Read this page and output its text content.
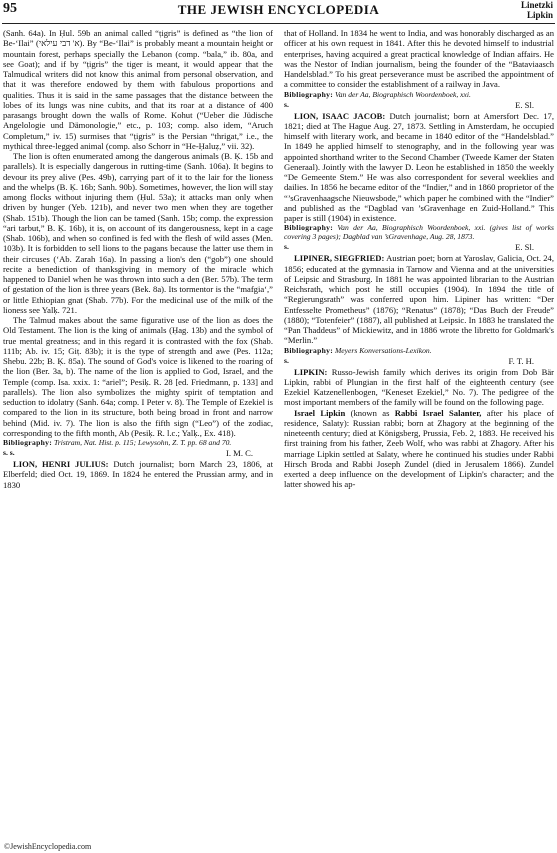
95	THE JEWISH ENCYCLOPEDIA	Linetzki
Lipkin

(Sanh. 64a). In Ḥul. 59b an animal called “ṭigris” is defined as “the lion of Be-‘Ilai” (א' דבי עילאי). By “Be-‘Ilai” is probably meant a mountain height or mountain forest, perhaps specially the Lebanon (comp. “bala,” ib. 80a, and see Goat); and if by “ṭigris” the tiger is meant, it would appear that the Talmudical writers did not know this animal from personal observation, and that it was therefore endowed by them with fabulous proportions and qualities. Thus it is said in the same passages that the distance between the lobes of its lungs was nine cubits, and that its roar at a distance of 400 parasangs brought down the walls of Rome. Kohut (“Ueber die Jüdische Angelologie und Dämonologie,” etc., p. 103; comp. also idem, “Aruch Completum,” iv. 15) surmises that “ṭigris” is the Persian “thrigat,” i.e., the mythical three-legged animal (comp. also Schorr in “He-Ḥaluẓ,” vii. 32).

The lion is often enumerated among the dangerous animals (B. Ḳ. 15b and parallels). It is especially dangerous in rutting-time (Sanh. 106a). It begins to devour its prey alive (Pes. 49b), carrying part of it to the lair for the lioness and the whelps (B. Ḳ. 16b; Sanh. 90b). Sometimes, however, the lion will stay among flocks without injuring them (Ḥul. 53a); it attacks man only when driven by hunger (Yeb. 121b), and never two men when they are together (Shab. 151b). Though the lion can be tamed (Sanh. 15b; comp. the expression “ari tarbut,” B. Ḳ. 16b), it is, on account of its dangerousness, kept in a cage (Shab. 106b), and when so confined is fed with the flesh of wild asses (Men. 103b). It is forbidden to sell lions to the pagans because the latter use them in their circuses (‘Ab. Zarah 16a). In passing a lion's den (“gob”) one should recite a benediction of thanksgiving in memory of the miracle which happened to Daniel when he was thrown into such a den (Ber. 57b). The term of gestation of the lion is three years (Bek. 8a). Its tormentor is the “mafgia‘,” or little Ethiopian gnat (Shab. 77b). For the medicinal use of the milk of the lioness see Yalḳ. 721.

The Talmud makes about the same figurative use of the lion as does the Old Testament. The lion is the king of animals (Ḥag. 13b) and the symbol of true mental greatness; and in this regard it is contrasted with the fox (Shab. 111b; Ab. iv. 15; Giṭ. 83b); it is the type of strength and awe (Pes. 112a; Shebu. 22b; B. Ḳ. 85a). The sound of God's voice is likened to the roaring of the lion (Ber. 3a, b). The name of the lion is applied to God, Israel, and the Temple (comp. Isa. xxix. 1: “ariel”; Pesiḳ. R. 28 [ed. Friedmann, p. 133] and parallels). The lion also symbolizes the mighty spirit of temptation and seduction to idolatry (Sanh. 64a; comp. I Peter v. 8). The Temple of Ezekiel is compared to the lion in its structure, both being broad in front and narrow behind (Mid. iv. 7). The lion is also the fifth sign (“Leo”) of the zodiac, corresponding to the fifth month, Ab (Pesiḳ. R. l.c.; Yalḳ., Ex. 418).

Bibliography: Tristram, Nat. Hist. p. 115; Lewysohn, Z. T. pp. 68 and 70.

s. s.	I. M. C.

LION, HENRI JULIUS: Dutch journalist; born March 23, 1806, at Elberfeld; died Oct. 19, 1869. In 1824 he entered the Prussian army, and in 1830

that of Holland. In 1834 he went to India, and was honorably discharged as an officer at his own request in 1841. After this he devoted himself to industrial enterprises, having acquired a great practical knowledge of Indian affairs. He was the Nestor of Indian journalism, being the founder of the “Bataviaasch Handelsblad.” To his great perseverance must be ascribed the appointment of a committee to consider the establishment of a railway in Java.

Bibliography: Van der Aa, Biographisch Woordenboek, xxi.

s.	E. Sl.

LION, ISAAC JACOB: Dutch journalist; born at Amersfort Dec. 17, 1821; died at The Hague Aug. 27, 1873. Settling in Amsterdam, he occupied himself with literary work, and became in 1840 editor of the “Handelsblad.” In 1849 he applied himself to stenography, and in the following year was appointed shorthand writer to the Second Chamber (Tweede Kamer der Staten Generaal). Jointly with the lawyer D. Leon he established in 1850 the weekly “De Gemeente Stem.” He was also correspondent for several weeklies and dailies. In 1856 he became editor of the “Indier,” and in 1860 proprietor of the “’sGravenhaagsche Nieuwsbode,” which paper he combined with the “Indier” and published as the “Dagblad van ’sGravenhage en Zuid-Holland.” This paper is still (1904) in existence.

Bibliography: Van der Aa, Biographisch Woordenboek, xxi. (gives list of works covering 3 pages); Dagblad van ’sGravenhage, Aug. 28, 1873.

s.	E. Sl.

LIPINER, SIEGFRIED: Austrian poet; born at Yaroslav, Galicia, Oct. 24, 1856; educated at the gymnasia in Tarnow and Vienna and at the universities of Leipsic and Strasburg. In 1881 he was appointed librarian to the Austrian Reichsrath, which post he still occupies (1904). In 1894 the title of “Regierungsrath” was conferred upon him. Lipiner has written: “Der Entfesselte Prometheus” (1876); “Renatus” (1878); “Das Buch der Freude” (1880); “Totenfeier” (1887), all published at Leipsic. In 1883 he translated the “Pan Thaddeus” of Mickiewitz, and in 1886 wrote the libretto for Goldmark's “Merlin.”

Bibliography: Meyers Konversations-Lexikon.

s.	F. T. H.

LIPKIN: Russo-Jewish family which derives its origin from Dob Bär Lipkin, rabbi of Plungian in the first half of the eighteenth century (see Ezekiel Katzenellenbogen, “Keneset Ezekiel,” No. 7). The pedigree of the most important members of the family will be found on the following page.

Israel Lipkin (known as Rabbi Israel Salanter, after his place of residence, Salaty): Russian rabbi; born at Zhagory at the beginning of the nineteenth century; died at Königsberg, Prussia, Feb. 2, 1883. He received his first training from his father, Zeeb Wolf, who was rabbi at Zhagory. After his marriage Lipkin settled at Salaty, where he continued his studies under Rabbi Hirsch Broda and Rabbi Joseph Zundel (died in Jerusalem 1866). Zundel exerted a deep influence on the development of Lipkin's character; and the latter showed his ap-

©JewishEncyclopedia.com
